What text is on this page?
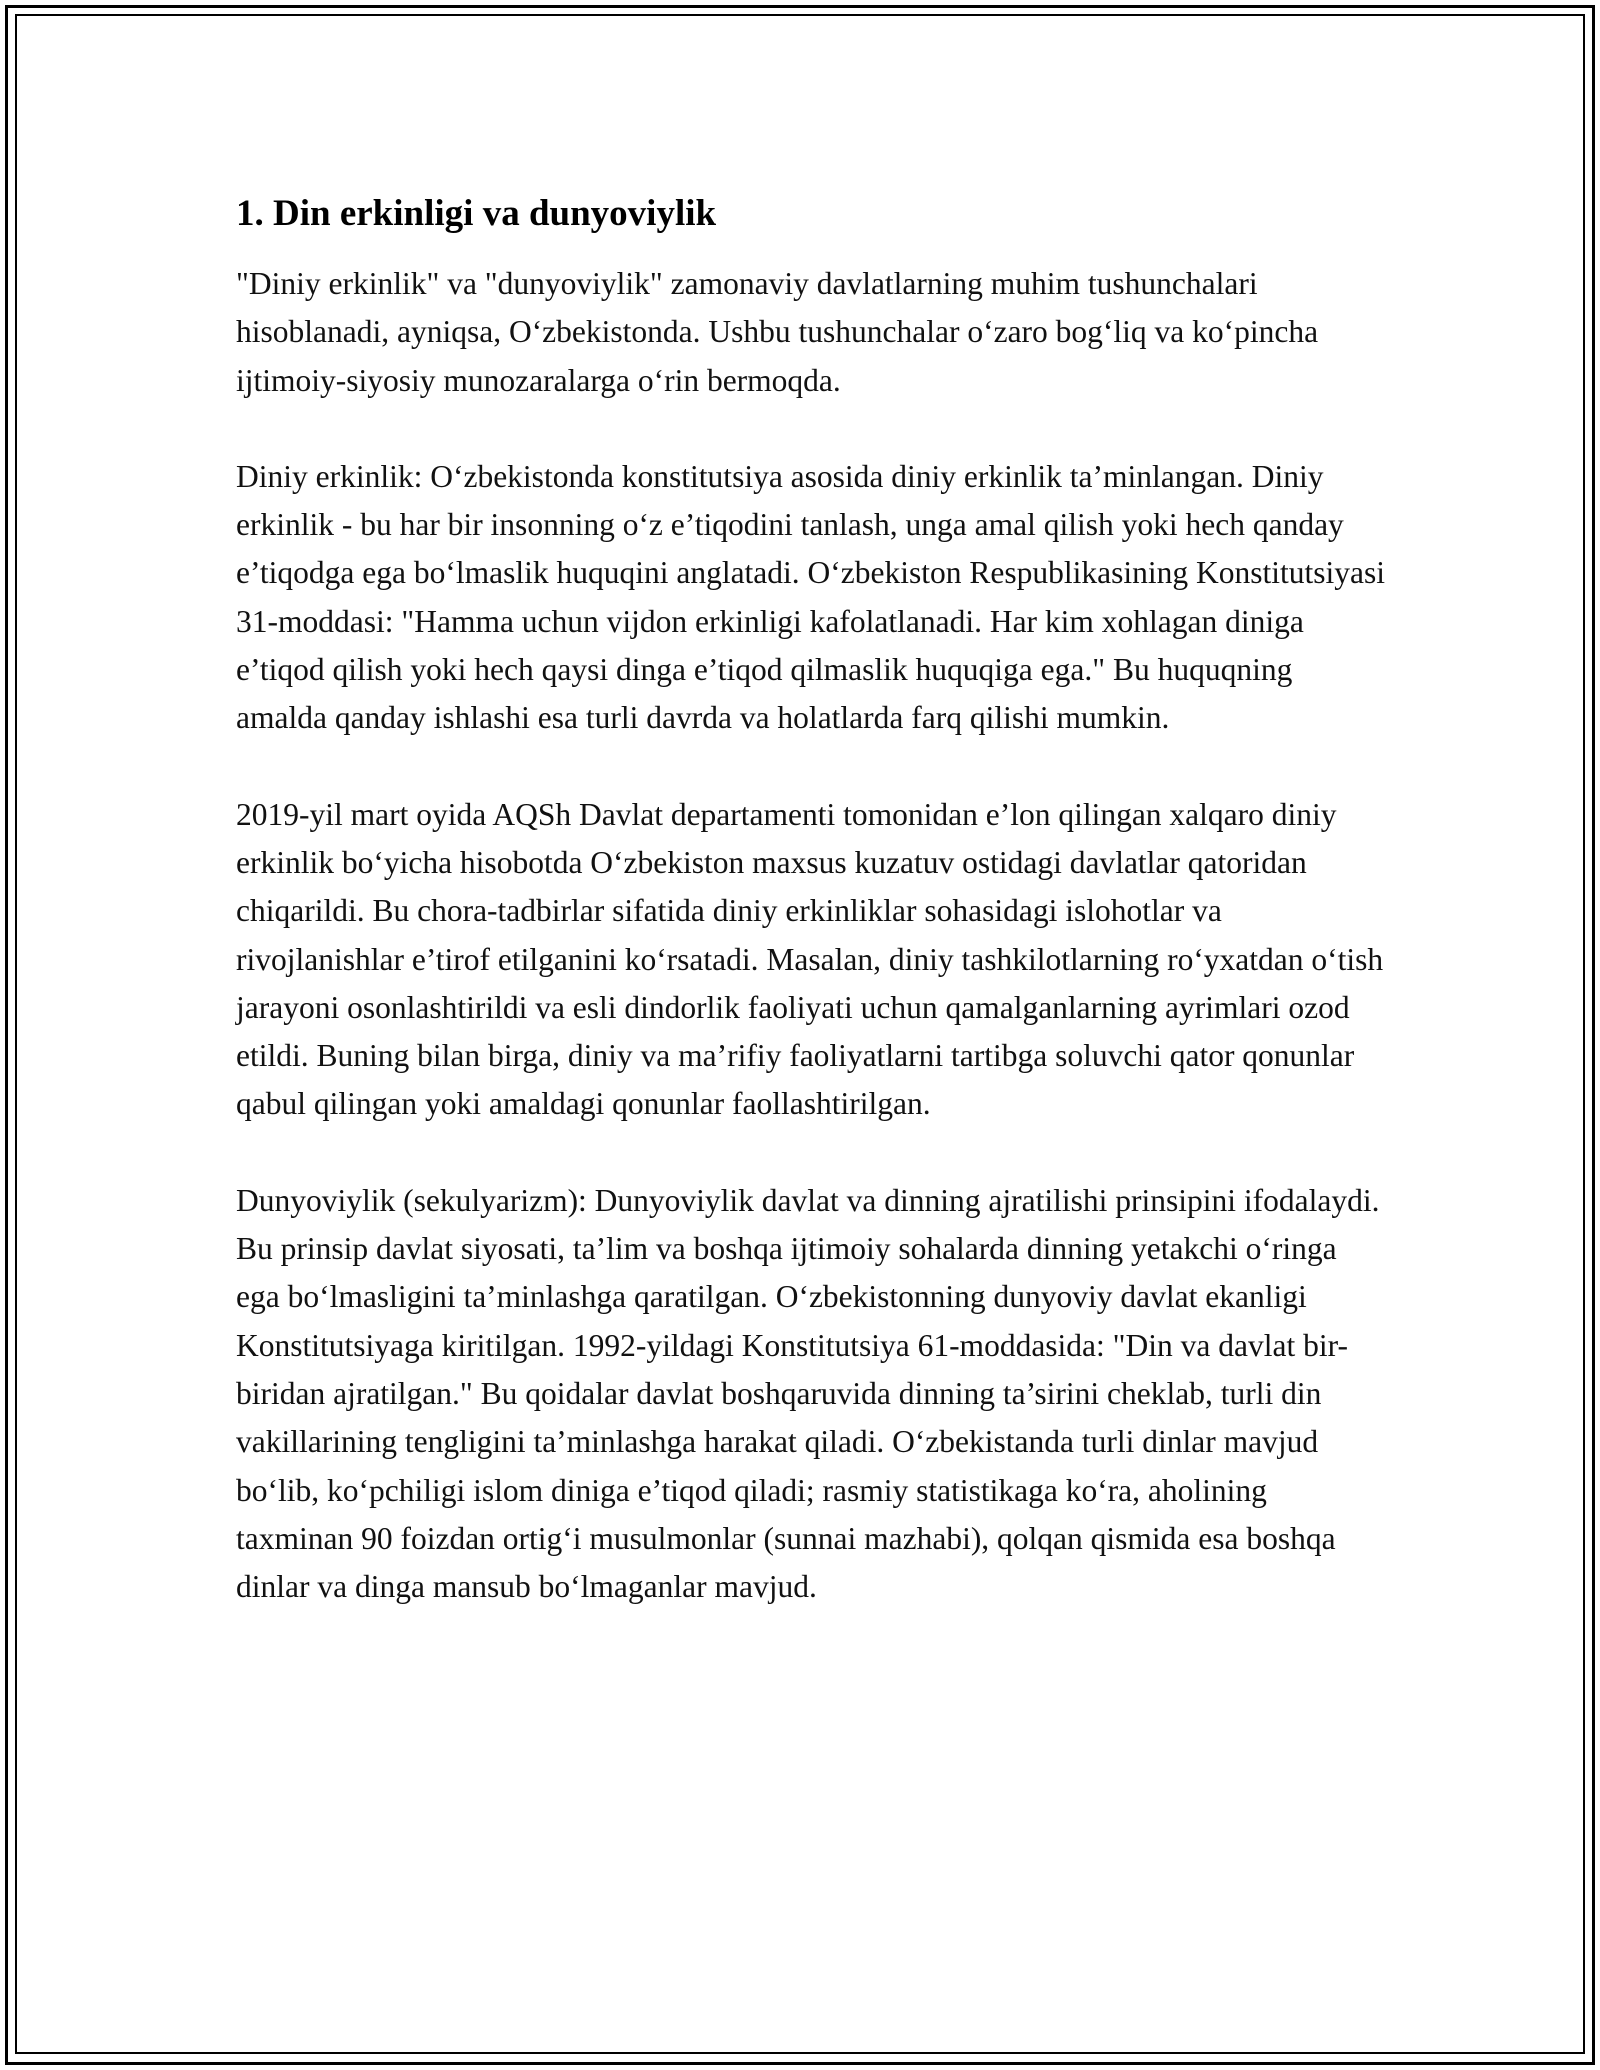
1. Din erkinligi va dunyoviylik

"Diniy erkinlik" va "dunyoviylik" zamonaviy davlatlarning muhim tushunchalari hisoblanadi, ayniqsa, O‘zbekistonda. Ushbu tushunchalar o‘zaro bog‘liq va ko‘pincha ijtimoiy-siyosiy munozaralarga o‘rin bermoqda.

Diniy erkinlik: O‘zbekistonda konstitutsiya asosida diniy erkinlik ta’minlangan. Diniy erkinlik - bu har bir insonning o‘z e’tiqodini tanlash, unga amal qilish yoki hech qanday e’tiqodga ega bo‘lmaslik huquqini anglatadi. O‘zbekiston Respublikasining Konstitutsiyasi 31-moddasi: "Hamma uchun vijdon erkinligi kafolatlanadi. Har kim xohlagan diniga e’tiqod qilish yoki hech qaysi dinga e’tiqod qilmaslik huquqiga ega." Bu huquqning amalda qanday ishlashi esa turli davrda va holatlarda farq qilishi mumkin.

2019-yil mart oyida AQSh Davlat departamenti tomonidan e’lon qilingan xalqaro diniy erkinlik bo‘yicha hisobotda O‘zbekiston maxsus kuzatuv ostidagi davlatlar qatoridan chiqarildi. Bu chora-tadbirlar sifatida diniy erkinliklar sohasidagi islohotlar va rivojlanishlar e’tirof etilganini ko‘rsatadi. Masalan, diniy tashkilotlarning ro‘yxatdan o‘tish jarayoni osonlashtirildi va esli dindorlik faoliyati uchun qamalganlarning ayrimlari ozod etildi. Buning bilan birga, diniy va ma’rifiy faoliyatlarni tartibga soluvchi qator qonunlar qabul qilingan yoki amaldagi qonunlar faollashtirilgan.

Dunyoviylik (sekulyarizm): Dunyoviylik davlat va dinning ajratilishi prinsipini ifodalaydi. Bu prinsip davlat siyosati, ta’lim va boshqa ijtimoiy sohalarda dinning yetakchi o‘ringa ega bo‘lmasligini ta’minlashga qaratilgan. O‘zbekistonning dunyoviy davlat ekanligi Konstitutsiyaga kiritilgan. 1992-yildagi Konstitutsiya 61-moddasida: "Din va davlat bir-biridan ajratilgan." Bu qoidalar davlat boshqaruvida dinning ta’sirini cheklab, turli din vakillarining tengligini ta’minlashga harakat qiladi. O‘zbekistanda turli dinlar mavjud bo‘lib, ko‘pchiligi islom diniga e’tiqod qiladi; rasmiy statistikaga ko‘ra, aholining taxminan 90 foizdan ortig‘i musulmonlar (sunnai mazhabi), qolqan qismida esa boshqa dinlar va dinga mansub bo‘lmaganlar mavjud.
